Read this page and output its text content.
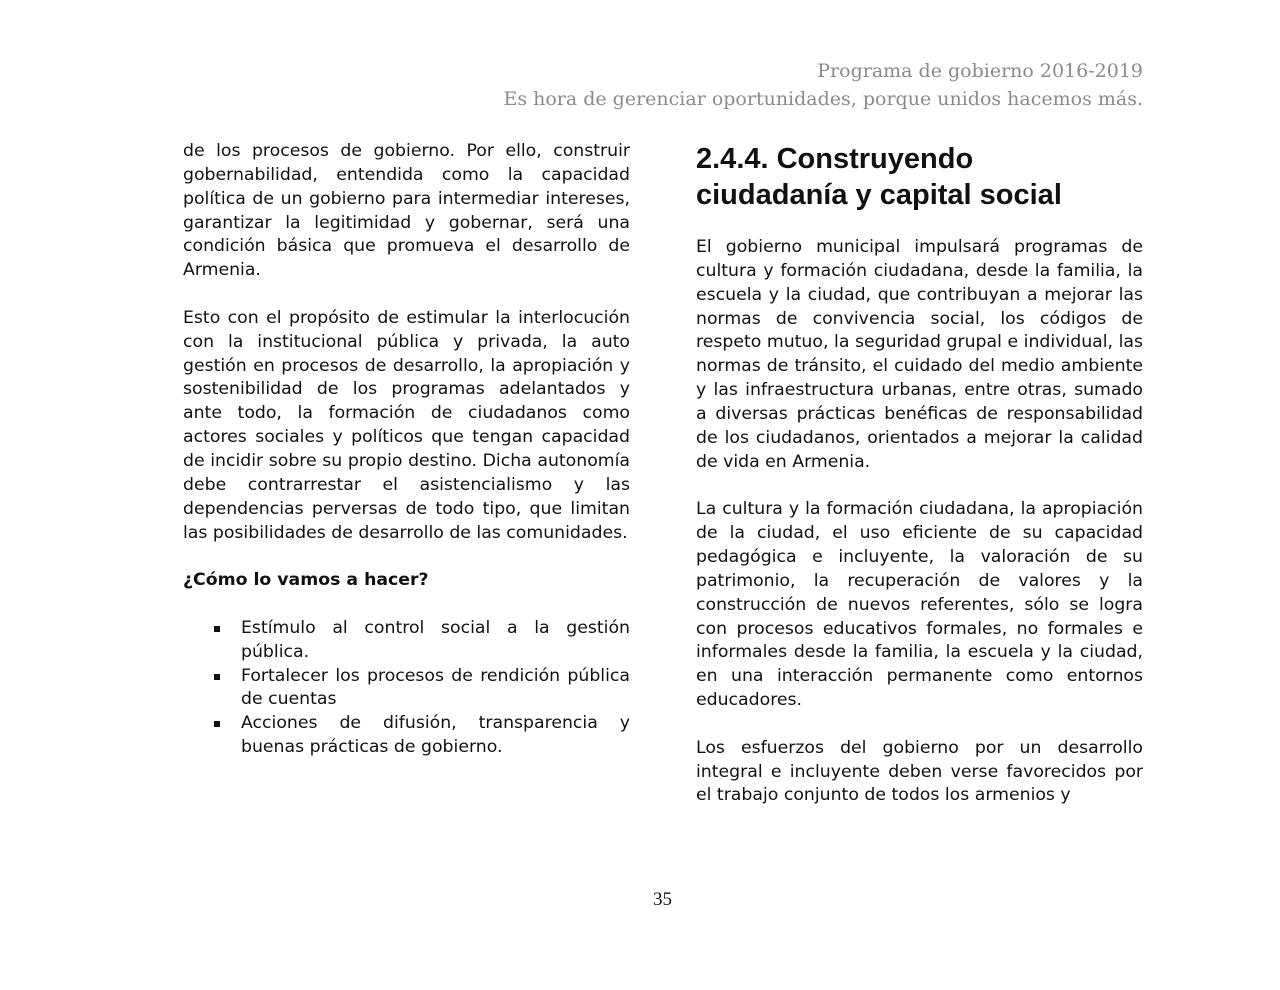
Programa de gobierno 2016-2019
Es hora de gerenciar oportunidades, porque unidos hacemos más.

de los procesos de gobierno. Por ello, construir gobernabilidad, entendida como la capacidad política de un gobierno para intermediar intereses, garantizar la legitimidad y gobernar, será una condición básica que promueva el desarrollo de Armenia.

Esto con el propósito de estimular la interlocución con la institucional pública y privada, la auto gestión en procesos de desarrollo, la apropiación y sostenibilidad de los programas adelantados y ante todo, la formación de ciudadanos como actores sociales y políticos que tengan capacidad de incidir sobre su propio destino. Dicha autonomía debe contrarrestar el asistencialismo y las dependencias perversas de todo tipo, que limitan las posibilidades de desarrollo de las comunidades.

¿Cómo lo vamos a hacer?
Estímulo al control social a la gestión pública.
Fortalecer los procesos de rendición pública de cuentas
Acciones de difusión, transparencia y buenas prácticas de gobierno.
2.4.4. Construyendo
ciudadanía y capital social

El gobierno municipal impulsará programas de cultura y formación ciudadana, desde la familia, la escuela y la ciudad, que contribuyan a mejorar las normas de convivencia social, los códigos de respeto mutuo, la seguridad grupal e individual, las normas de tránsito, el cuidado del medio ambiente y las infraestructura urbanas, entre otras, sumado a diversas prácticas benéficas de responsabilidad de los ciudadanos, orientados a mejorar la calidad de vida en Armenia.

La cultura y la formación ciudadana, la apropiación de la ciudad, el uso eficiente de su capacidad pedagógica e incluyente, la valoración de su patrimonio, la recuperación de valores y la construcción de nuevos referentes, sólo se logra con procesos educativos formales, no formales e informales desde la familia, la escuela y la ciudad, en una interacción permanente como entornos educadores.

Los esfuerzos del gobierno por un desarrollo integral e incluyente deben verse favorecidos por el trabajo conjunto de todos los armenios y

35
